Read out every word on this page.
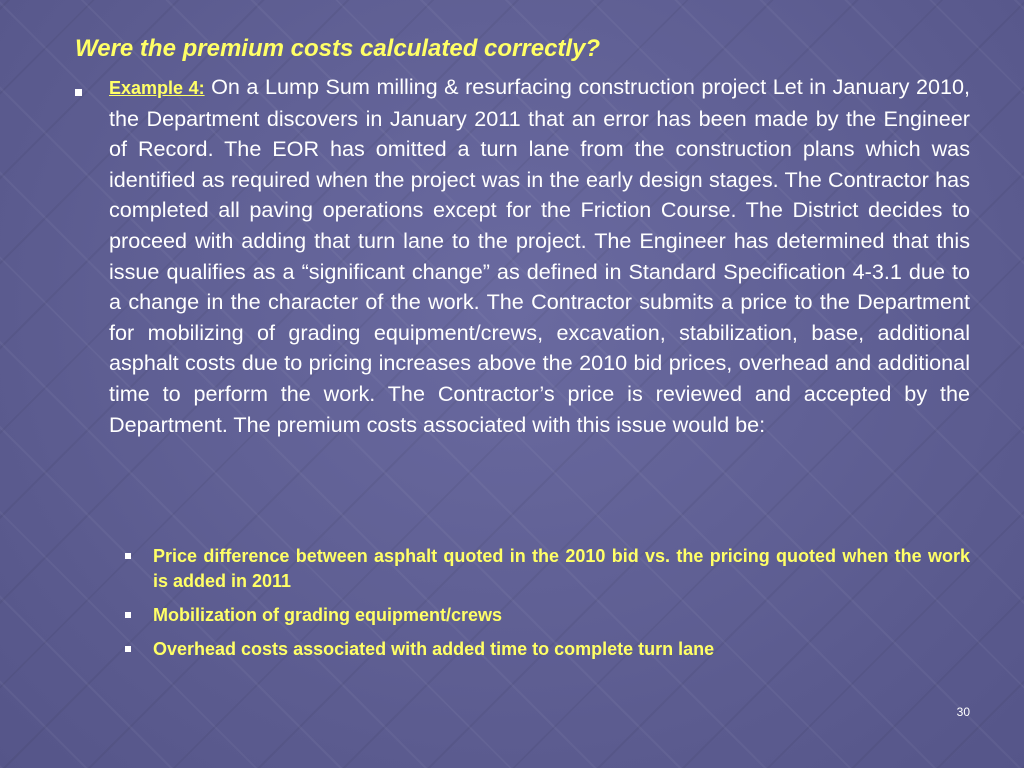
Were the premium costs calculated correctly?

Example 4: On a Lump Sum milling & resurfacing construction project Let in January 2010, the Department discovers in January 2011 that an error has been made by the Engineer of Record. The EOR has omitted a turn lane from the construction plans which was identified as required when the project was in the early design stages. The Contractor has completed all paving operations except for the Friction Course. The District decides to proceed with adding that turn lane to the project. The Engineer has determined that this issue qualifies as a “significant change” as defined in Standard Specification 4-3.1 due to a change in the character of the work. The Contractor submits a price to the Department for mobilizing of grading equipment/crews, excavation, stabilization, base, additional asphalt costs due to pricing increases above the 2010 bid prices, overhead and additional time to perform the work. The Contractor’s price is reviewed and accepted by the Department. The premium costs associated with this issue would be:

Price difference between asphalt quoted in the 2010 bid vs. the pricing quoted when the work is added in 2011
Mobilization of grading equipment/crews
Overhead costs associated with added time to complete turn lane
30
